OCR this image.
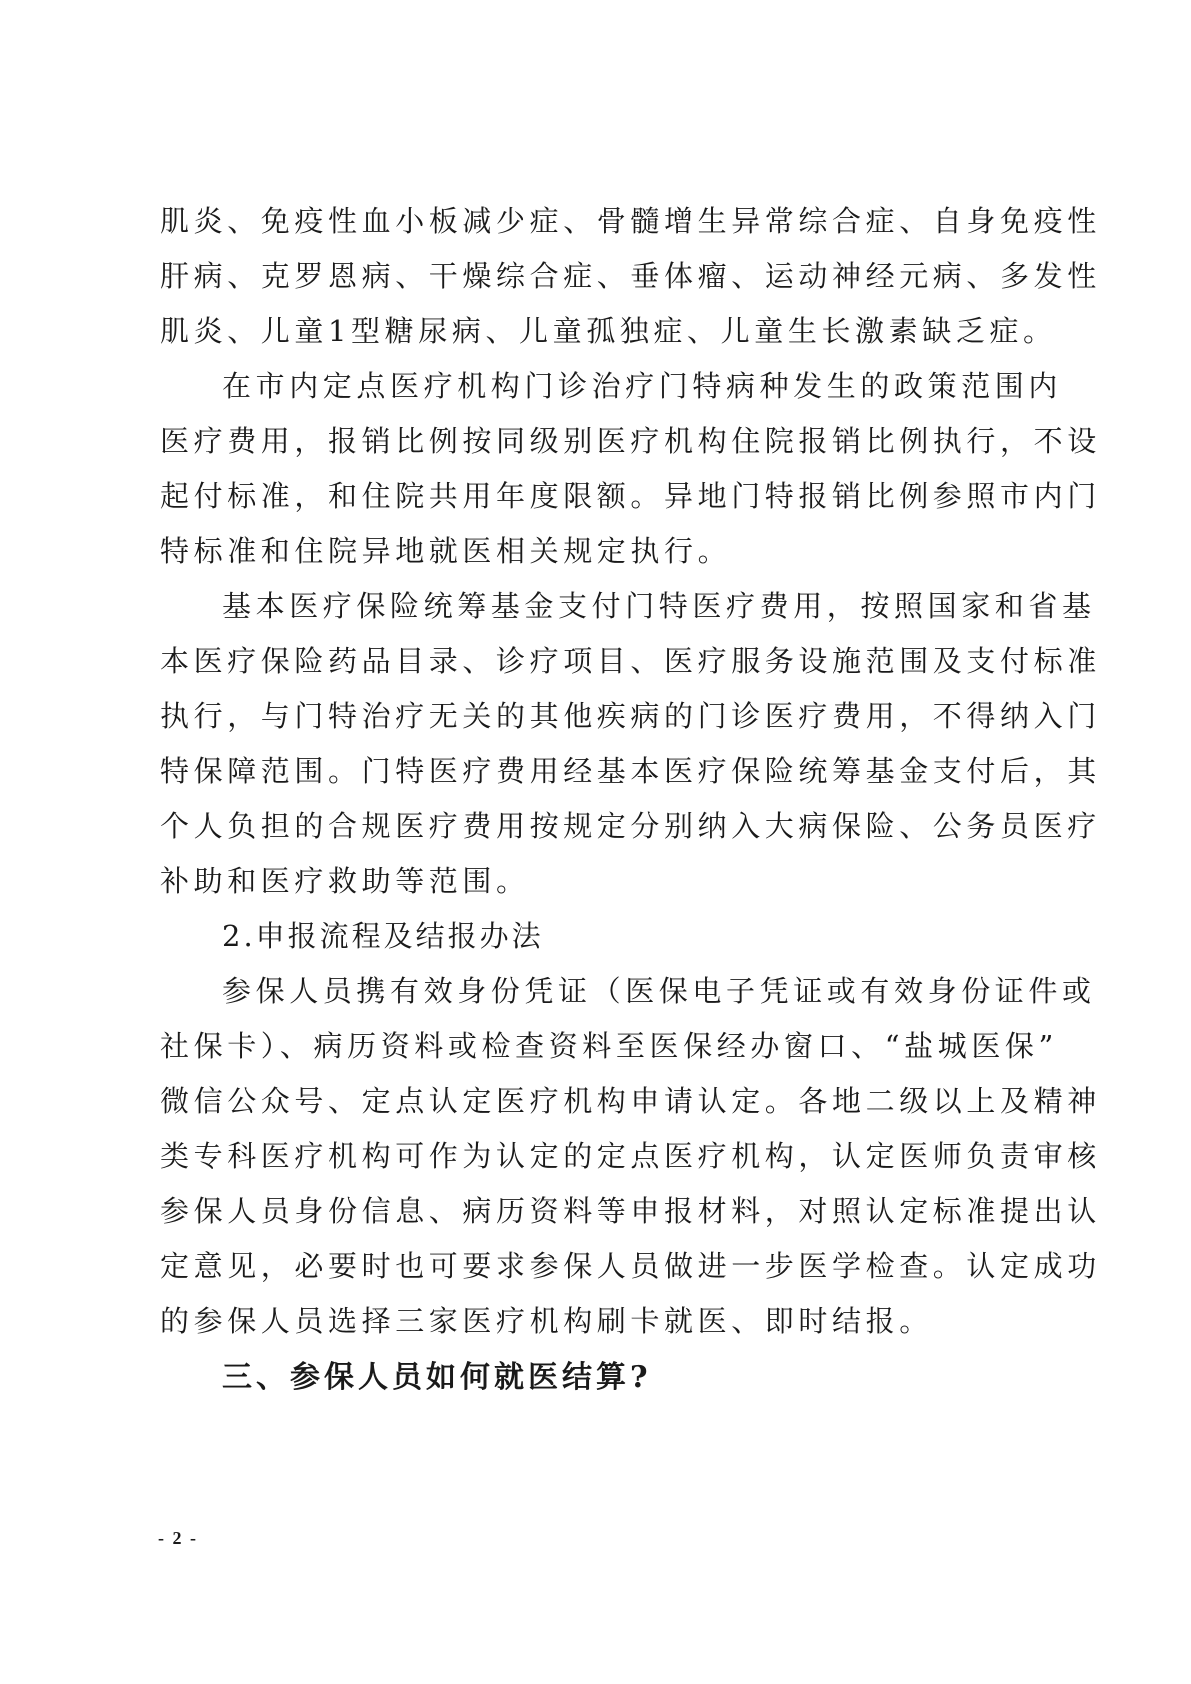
肌炎、免疫性血小板减少症、骨髓增生异常综合症、自身免疫性
肝病、克罗恩病、干燥综合症、垂体瘤、运动神经元病、多发性
肌炎、儿童1型糖尿病、儿童孤独症、儿童生长激素缺乏症。
在市内定点医疗机构门诊治疗门特病种发生的政策范围内
医疗费用，报销比例按同级别医疗机构住院报销比例执行，不设
起付标准，和住院共用年度限额。异地门特报销比例参照市内门
特标准和住院异地就医相关规定执行。
基本医疗保险统筹基金支付门特医疗费用，按照国家和省基
本医疗保险药品目录、诊疗项目、医疗服务设施范围及支付标准
执行，与门特治疗无关的其他疾病的门诊医疗费用，不得纳入门
特保障范围。门特医疗费用经基本医疗保险统筹基金支付后，其
个人负担的合规医疗费用按规定分别纳入大病保险、公务员医疗
补助和医疗救助等范围。
2.申报流程及结报办法
参保人员携有效身份凭证（医保电子凭证或有效身份证件或
社保卡）、病历资料或检查资料至医保经办窗口、“盐城医保”
微信公众号、定点认定医疗机构申请认定。各地二级以上及精神
类专科医疗机构可作为认定的定点医疗机构，认定医师负责审核
参保人员身份信息、病历资料等申报材料，对照认定标准提出认
定意见，必要时也可要求参保人员做进一步医学检查。认定成功
的参保人员选择三家医疗机构刷卡就医、即时结报。
三、参保人员如何就医结算?
- 2 -
